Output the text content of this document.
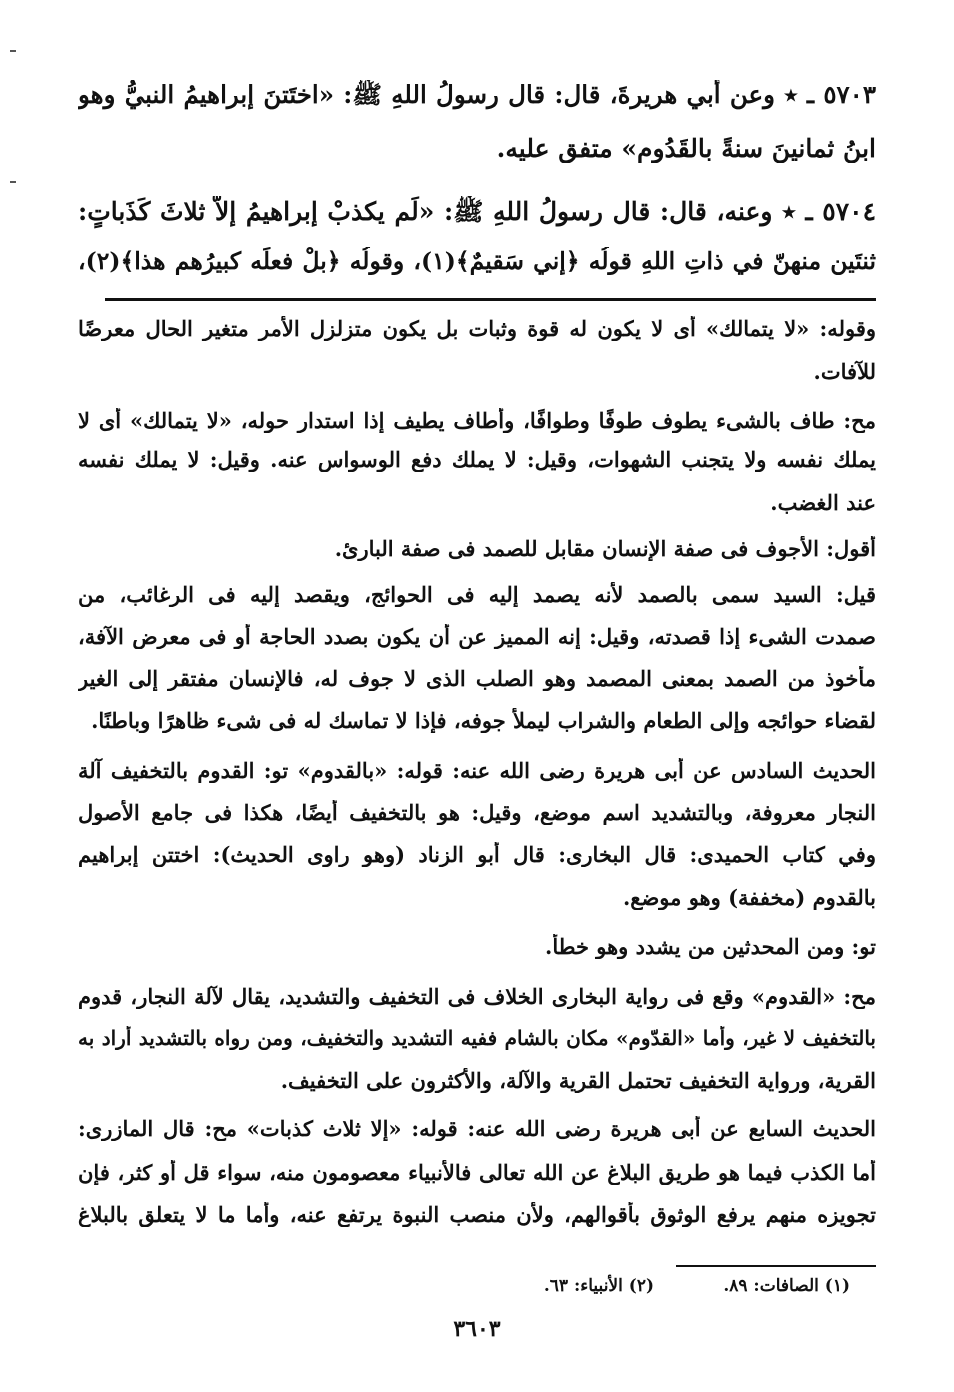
٥٧٠٣ ـ ٭ وعن أبي هريرةَ، قال: قال رسولُ اللهِ ﷺ: «اختَتنَ إبراهيمُ النبيُّ وهو
ابنُ ثمانينَ سنةً بالقَدُومِ» متفق عليه.
٥٧٠٤ ـ ٭ وعنه، قال: قال رسولُ اللهِ ﷺ: «لَم يكذبْ إبراهيمُ إلاّ ثلاثَ كَذَباتٍ:
ثنتَينِ منهنّ في ذاتِ اللهِ قولُه ﴿إني سَقيمٌ﴾(١)، وقولُه ﴿بلْ فعلَه كبيرُهم هذا﴾(٢)،
وقوله: «لا يتمالك» أى لا يكون له قوة وثبات بل يكون متزلزل الأمر متغير الحال معرضًا
للآفات.
مح: طاف بالشىء يطوف طوفًا وطوافًا، وأطاف يطيف إذا استدار حوله، «لا يتمالك» أى لا
يملك نفسه ولا يتجنب الشهوات، وقيل: لا يملك دفع الوسواس عنه. وقيل: لا يملك نفسه
عند الغضب.
أقول: الأجوف فى صفة الإنسان مقابل للصمد فى صفة البارئ.
قيل: السيد سمى بالصمد لأنه يصمد إليه فى الحوائج، ويقصد إليه فى الرغائب، من
صمدت الشىء إذا قصدته، وقيل: إنه المميز عن أن يكون بصدد الحاجة أو فى معرض الآفة،
مأخوذ من الصمد بمعنى المصمد وهو الصلب الذى لا جوف له، فالإنسان مفتقر إلى الغير
لقضاء حوائجه وإلى الطعام والشراب ليملأ جوفه، فإذا لا تماسك له فى شىء ظاهرًا وباطنًا.
الحديث السادس عن أبى هريرة رضى الله عنه: قوله: «بالقدوم» تو: القدوم بالتخفيف آلة
النجار معروفة، وبالتشديد اسم موضع، وقيل: هو بالتخفيف أيضًا، هكذا فى جامع الأصول
وفي كتاب الحميدى: قال البخارى: قال أبو الزناد (وهو راوى الحديث): اختتن إبراهيم
بالقدوم (مخففة) وهو موضع.
تو: ومن المحدثين من يشدد وهو خطأ.
مح: «القدوم» وقع فى رواية البخارى الخلاف فى التخفيف والتشديد، يقال لآلة النجار، قدوم
بالتخفيف لا غير، وأما «القدّوم» مكان بالشام ففيه التشديد والتخفيف، ومن رواه بالتشديد أراد به
القرية، ورواية التخفيف تحتمل القرية والآلة، والأكثرون على التخفيف.
الحديث السابع عن أبى هريرة رضى الله عنه: قوله: «إلا ثلاث كذبات» مح: قال المازرى:
أما الكذب فيما هو طريق البلاغ عن الله تعالى فالأنبياء معصومون منه، سواء قل أو كثر، فإن
تجويزه منهم يرفع الوثوق بأقوالهم، ولأن منصب النبوة يرتفع عنه، وأما ما لا يتعلق بالبلاغ
(١) الصافات: ٨٩.
(٢) الأنبياء: ٦٣.
٣٦٠٣
